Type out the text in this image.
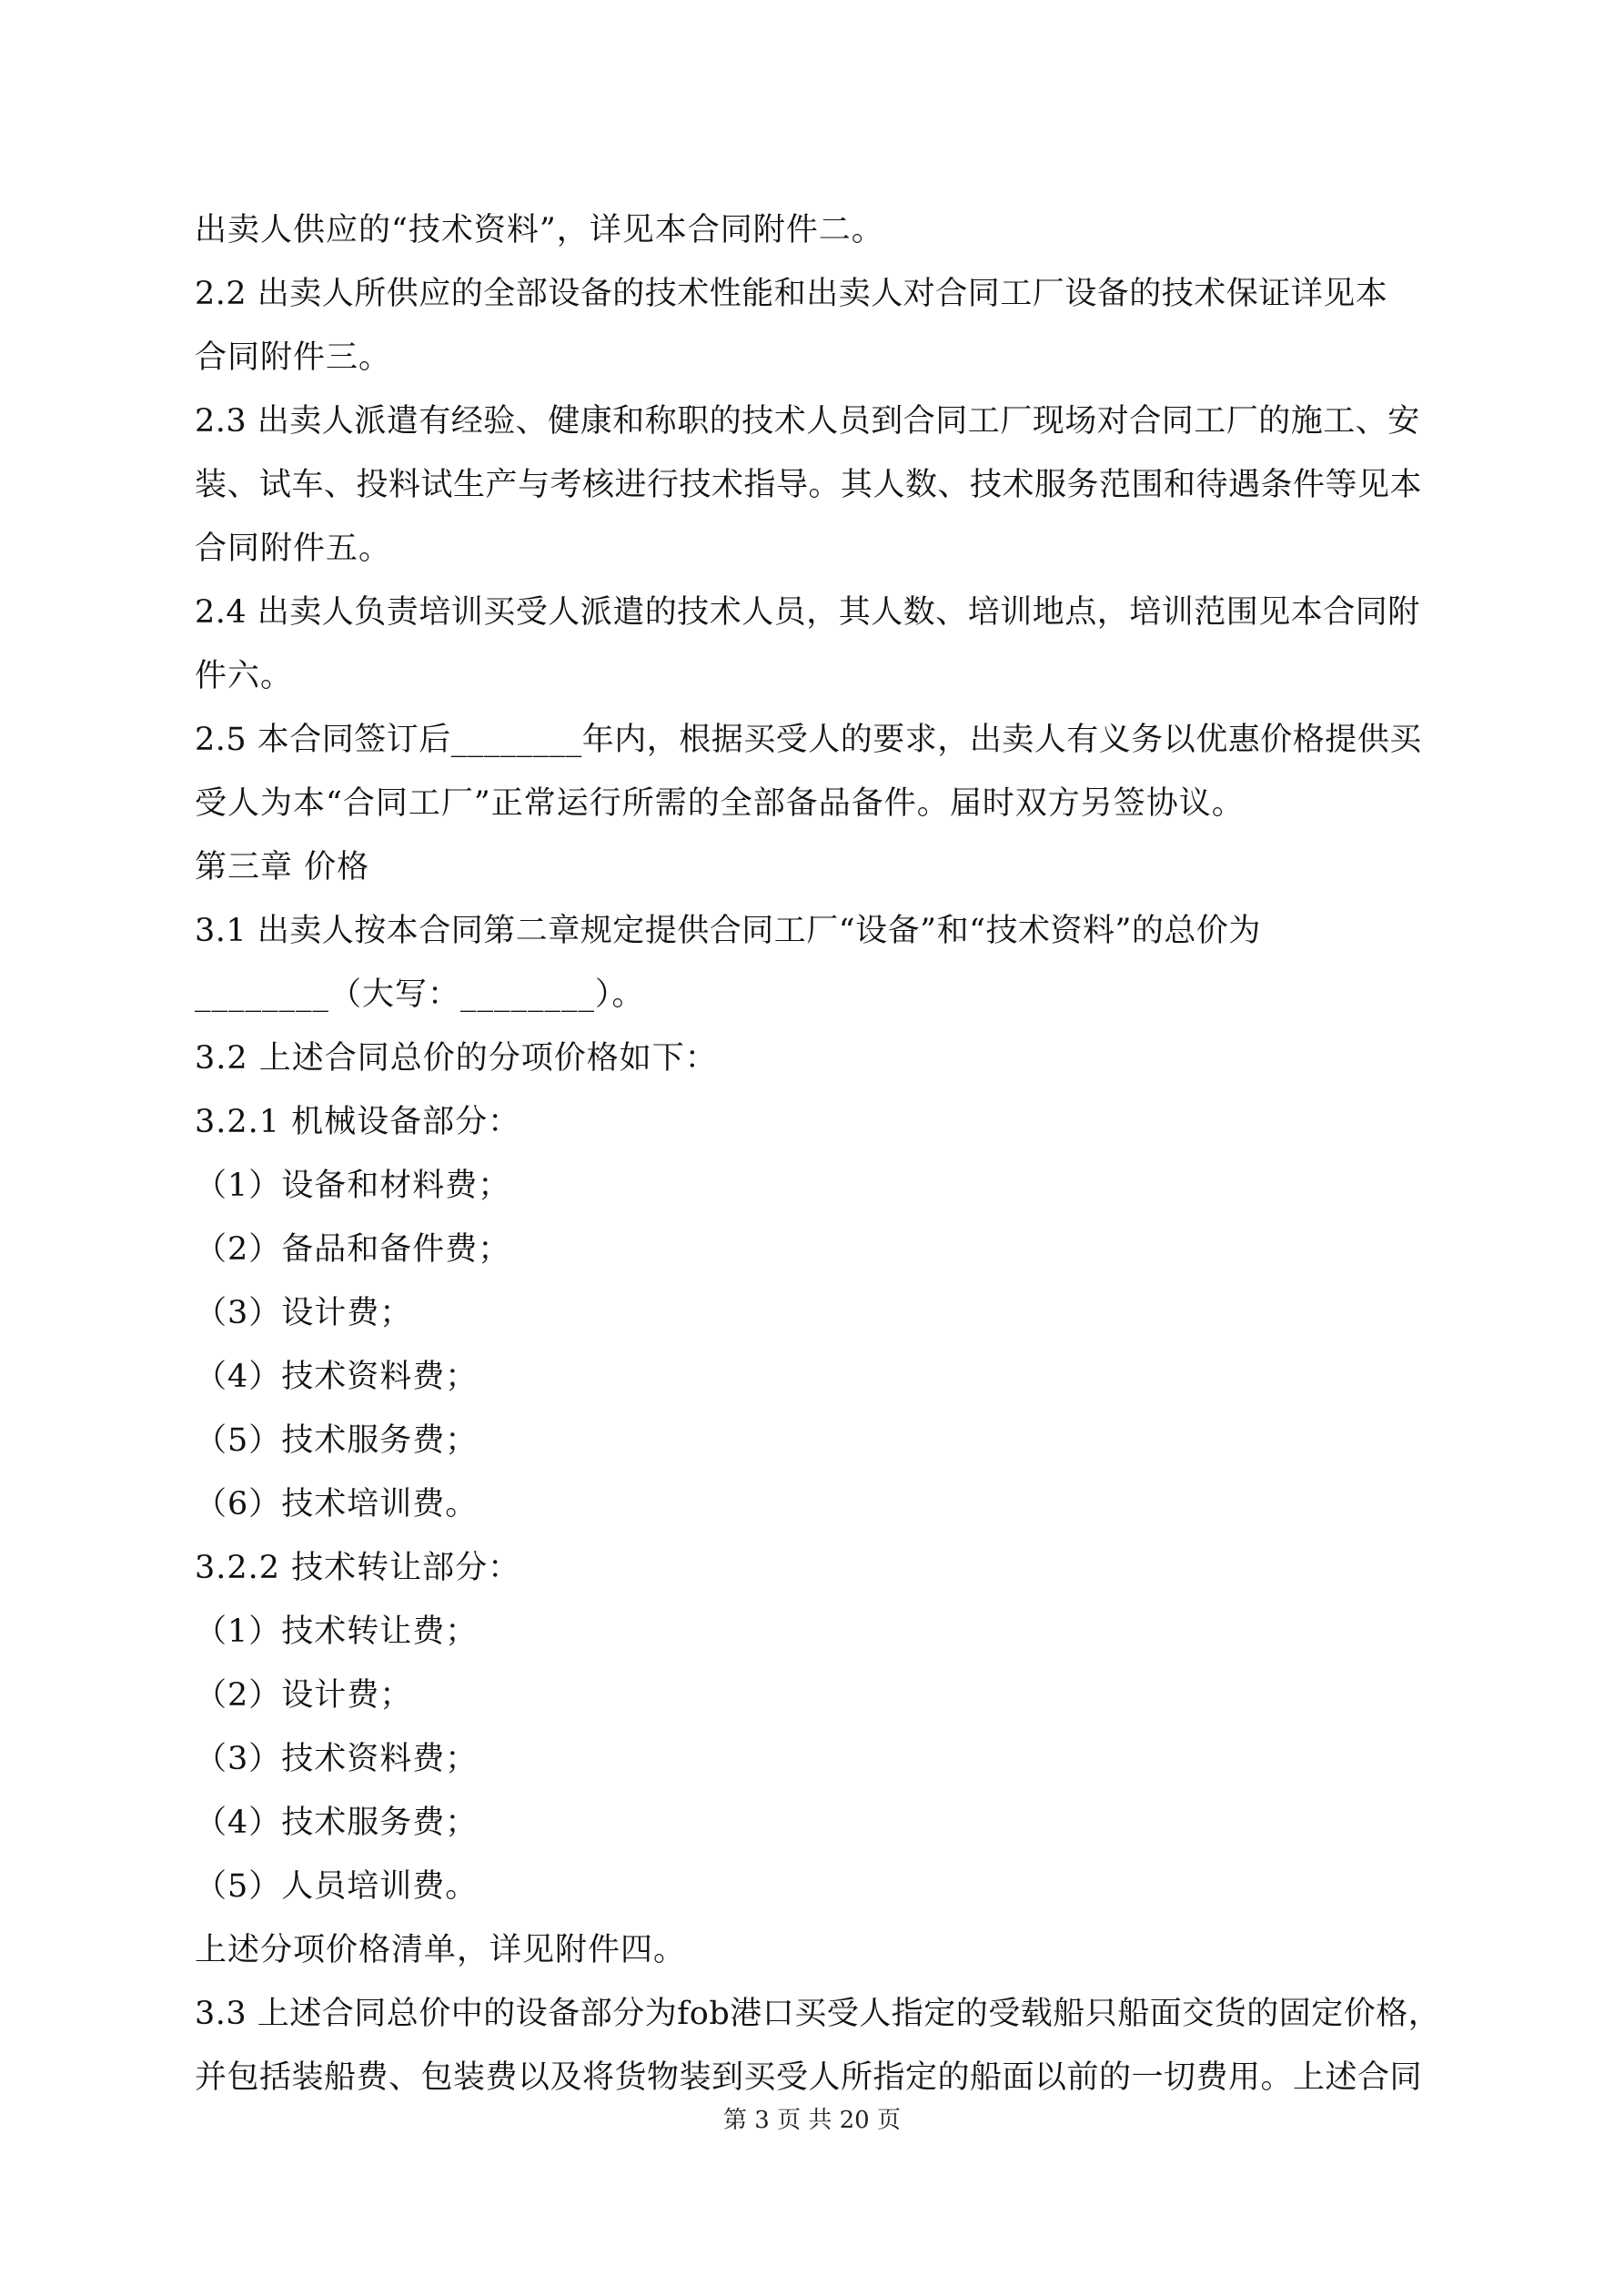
出卖人供应的“技术资料”，详见本合同附件二。
2.2 出卖人所供应的全部设备的技术性能和出卖人对合同工厂设备的技术保证详见本
合同附件三。
2.3 出卖人派遣有经验、健康和称职的技术人员到合同工厂现场对合同工厂的施工、安
装、试车、投料试生产与考核进行技术指导。其人数、技术服务范围和待遇条件等见本
合同附件五。
2.4 出卖人负责培训买受人派遣的技术人员，其人数、培训地点，培训范围见本合同附
件六。
2.5 本合同签订后________年内，根据买受人的要求，出卖人有义务以优惠价格提供买
受人为本“合同工厂”正常运行所需的全部备品备件。届时双方另签协议。
第三章 价格
3.1 出卖人按本合同第二章规定提供合同工厂“设备”和“技术资料”的总价为
________（大写：________）。
3.2 上述合同总价的分项价格如下：
3.2.1 机械设备部分：
（1）设备和材料费；
（2）备品和备件费；
（3）设计费；
（4）技术资料费；
（5）技术服务费；
（6）技术培训费。
3.2.2 技术转让部分：
（1）技术转让费；
（2）设计费；
（3）技术资料费；
（4）技术服务费；
（5）人员培训费。
上述分项价格清单，详见附件四。
3.3 上述合同总价中的设备部分为fob港口买受人指定的受载船只船面交货的固定价格，
并包括装船费、包装费以及将货物装到买受人所指定的船面以前的一切费用。上述合同
第 3 页 共 20 页
